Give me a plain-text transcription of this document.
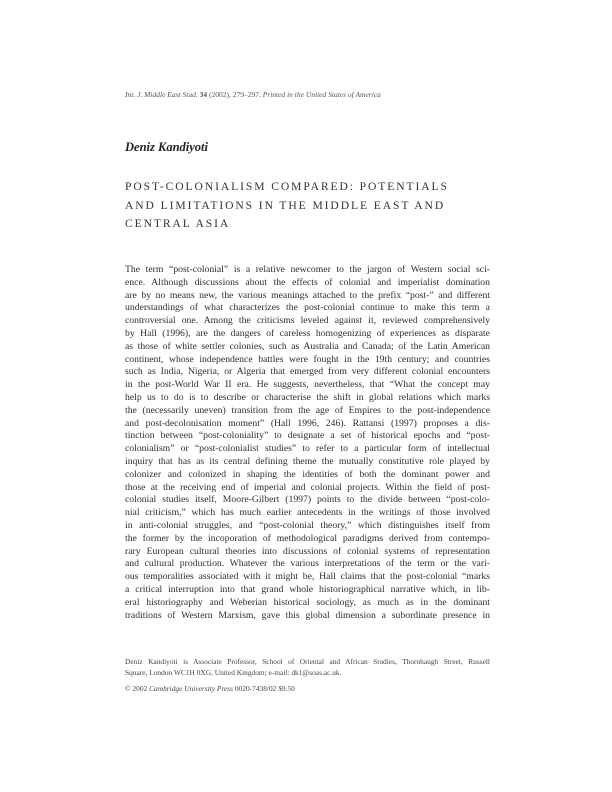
Int. J. Middle East Stud. 34 (2002), 279–297. Printed in the United States of America
Deniz Kandiyoti
POST-COLONIALISM COMPARED: POTENTIALS
AND LIMITATIONS IN THE MIDDLE EAST AND
CENTRAL ASIA
The term “post-colonial” is a relative newcomer to the jargon of Western social sci-
ence. Although discussions about the effects of colonial and imperialist domination
are by no means new, the various meanings attached to the prefix “post-” and different
understandings of what characterizes the post-colonial continue to make this term a
controversial one. Among the criticisms leveled against it, reviewed comprehensively
by Hall (1996), are the dangers of careless homogenizing of experiences as disparate
as those of white settler colonies, such as Australia and Canada; of the Latin American
continent, whose independence battles were fought in the 19th century; and countries
such as India, Nigeria, or Algeria that emerged from very different colonial encounters
in the post-World War II era. He suggests, nevertheless, that “What the concept may
help us to do is to describe or characterise the shift in global relations which marks
the (necessarily uneven) transition from the age of Empires to the post-independence
and post-decolonisation moment” (Hall 1996, 246). Rattansi (1997) proposes a dis-
tinction between “post-coloniality” to designate a set of historical epochs and “post-
colonialism” or “post-colonialist studies” to refer to a particular form of intellectual
inquiry that has as its central defining theme the mutually constitutive role played by
colonizer and colonized in shaping the identities of both the dominant power and
those at the receiving end of imperial and colonial projects. Within the field of post-
colonial studies itself, Moore-Gilbert (1997) points to the divide between “post-colo-
nial criticism,” which has much earlier antecedents in the writings of those involved
in anti-colonial struggles, and “post-colonial theory,” which distinguishes itself from
the former by the incoporation of methodological paradigms derived from contempo-
rary European cultural theories into discussions of colonial systems of representation
and cultural production. Whatever the various interpretations of the term or the vari-
ous temporalities associated with it might be, Hall claims that the post-colonial “marks
a critical interruption into that grand whole historiographical narrative which, in lib-
eral historiography and Weberian historical sociology, as much as in the dominant
traditions of Western Marxism, gave this global dimension a subordinate presence in
Deniz Kandiyoti is Associate Professor, School of Oriental and African Studies, Thornhaugh Street, Russell
Square, London WC1H 0XG, United Kingdom; e-mail: dk1@soas.ac.uk.
© 2002 Cambridge University Press 0020-7438/02 $9.50
